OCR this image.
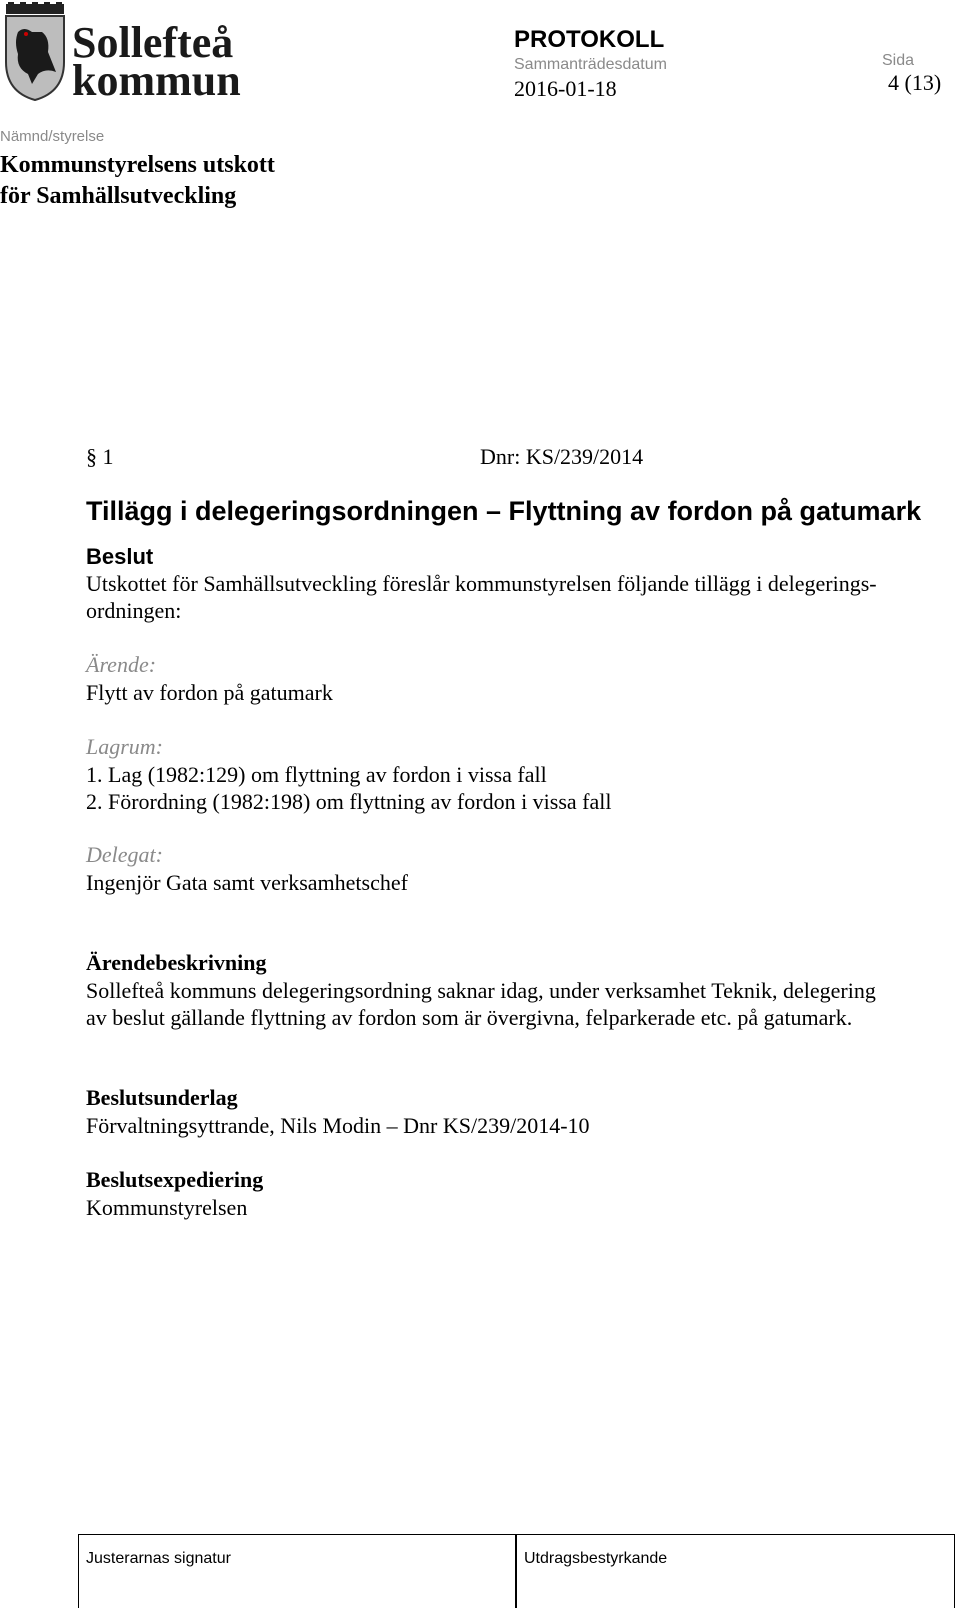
Sollefteå
kommun
PROTOKOLL
Sammanträdesdatum
2016-01-18
Sida
4 (13)
Nämnd/styrelse
Kommunstyrelsens utskott
för Samhällsutveckling
§ 1	Dnr: KS/239/2014
Tillägg i delegeringsordningen – Flyttning av fordon på gatumark
Beslut
Utskottet för Samhällsutveckling föreslår kommunstyrelsen följande tillägg i delegerings-
ordningen:
Ärende:
Flytt av fordon på gatumark
Lagrum:
1. Lag (1982:129) om flyttning av fordon i vissa fall
2. Förordning (1982:198) om flyttning av fordon i vissa fall
Delegat:
Ingenjör Gata samt verksamhetschef
Ärendebeskrivning
Sollefteå kommuns delegeringsordning saknar idag, under verksamhet Teknik, delegering
av beslut gällande flyttning av fordon som är övergivna, felparkerade etc. på gatumark.
Beslutsunderlag
Förvaltningsyttrande, Nils Modin – Dnr KS/239/2014-10
Beslutsexpediering
Kommunstyrelsen
Justerarnas signatur	Utdragsbestyrkande
